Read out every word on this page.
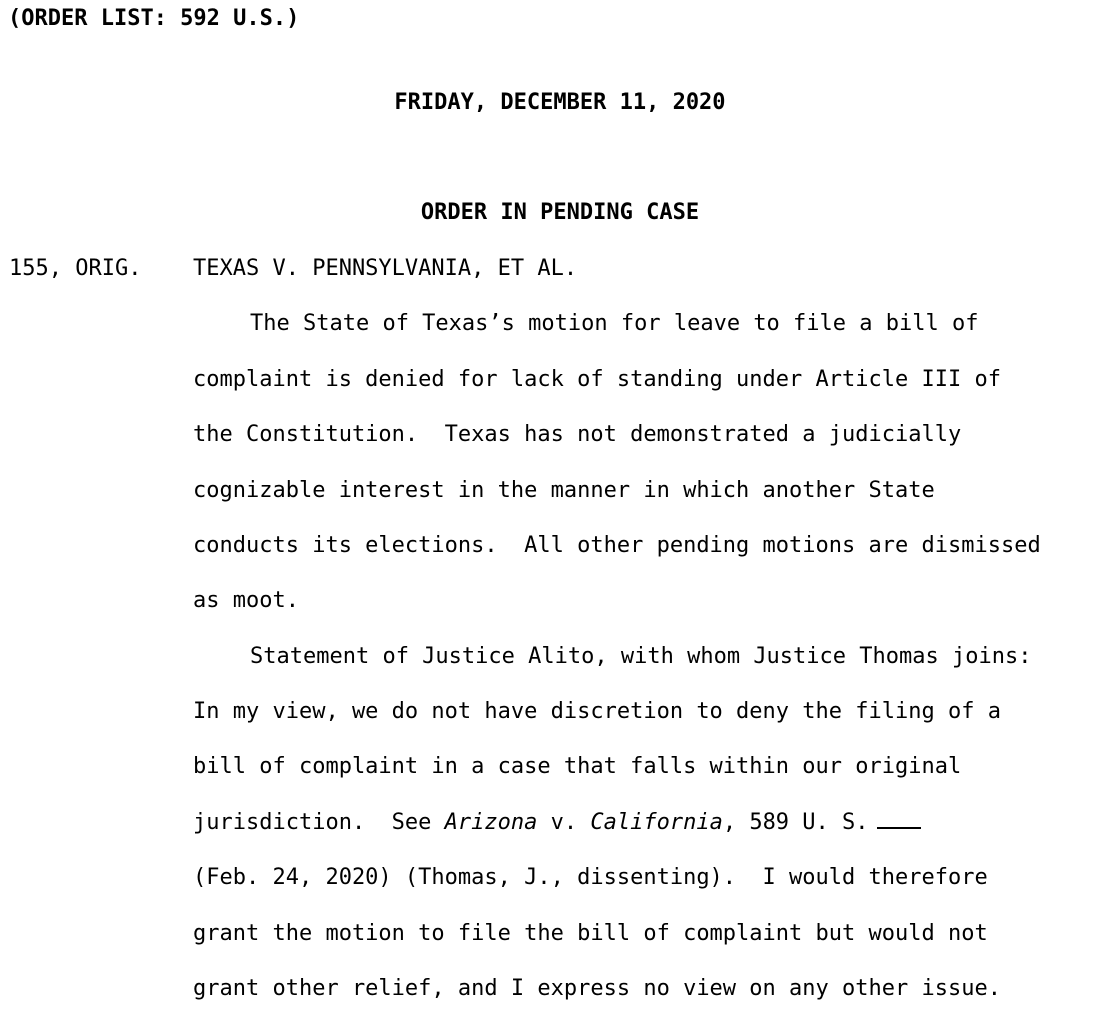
(ORDER LIST: 592 U.S.)
FRIDAY, DECEMBER 11, 2020
ORDER IN PENDING CASE
155, ORIG. TEXAS V. PENNSYLVANIA, ET AL.
The State of Texas’s motion for leave to file a bill of
complaint is denied for lack of standing under Article III of
the Constitution.  Texas has not demonstrated a judicially
cognizable interest in the manner in which another State
conducts its elections.  All other pending motions are dismissed
as moot.
Statement of Justice Alito, with whom Justice Thomas joins:
In my view, we do not have discretion to deny the filing of a
bill of complaint in a case that falls within our original
jurisdiction.  See Arizona v. California, 589 U. S.
(Feb. 24, 2020) (Thomas, J., dissenting).  I would therefore
grant the motion to file the bill of complaint but would not
grant other relief, and I express no view on any other issue.
